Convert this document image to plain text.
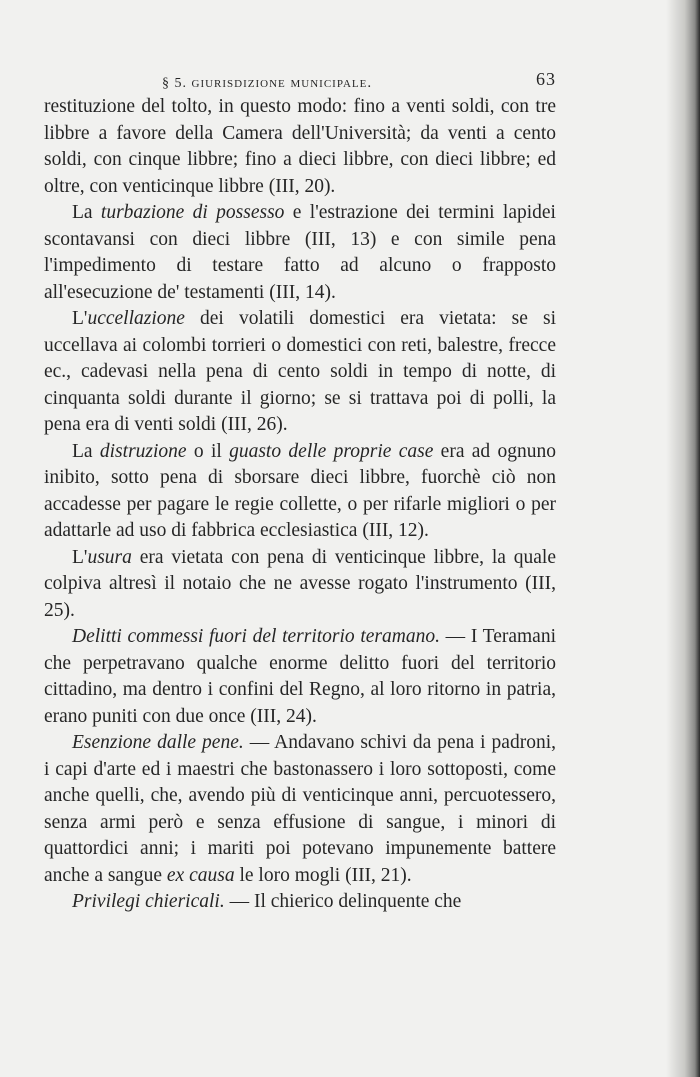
§ 5. giurisdizione municipale.	63

restituzione del tolto, in questo modo: fino a venti soldi, con tre libbre a favore della Camera dell'Università; da venti a cento soldi, con cinque libbre; fino a dieci libbre, con dieci libbre; ed oltre, con venticinque libbre (III, 20).

La turbazione di possesso e l'estrazione dei termini lapidei scontavansi con dieci libbre (III, 13) e con simile pena l'impedimento di testare fatto ad alcuno o frapposto all'esecuzione de' testamenti (III, 14).

L'uccellazione dei volatili domestici era vietata: se si uccellava ai colombi torrieri o domestici con reti, balestre, frecce ec., cadevasi nella pena di cento soldi in tempo di notte, di cinquanta soldi durante il giorno; se si trattava poi di polli, la pena era di venti soldi (III, 26).

La distruzione o il guasto delle proprie case era ad ognuno inibito, sotto pena di sborsare dieci libbre, fuorchè ciò non accadesse per pagare le regie collette, o per rifarle migliori o per adattarle ad uso di fabbrica ecclesiastica (III, 12).

L'usura era vietata con pena di venticinque libbre, la quale colpiva altresì il notaio che ne avesse rogato l'instrumento (III, 25).

Delitti commessi fuori del territorio teramano. — I Teramani che perpetravano qualche enorme delitto fuori del territorio cittadino, ma dentro i confini del Regno, al loro ritorno in patria, erano puniti con due once (III, 24).

Esenzione dalle pene. — Andavano schivi da pena i padroni, i capi d'arte ed i maestri che bastonassero i loro sottoposti, come anche quelli, che, avendo più di venticinque anni, percuotessero, senza armi però e senza effusione di sangue, i minori di quattordici anni; i mariti poi potevano impunemente battere anche a sangue ex causa le loro mogli (III, 21).

Privilegi chiericali. — Il chierico delinquente che
